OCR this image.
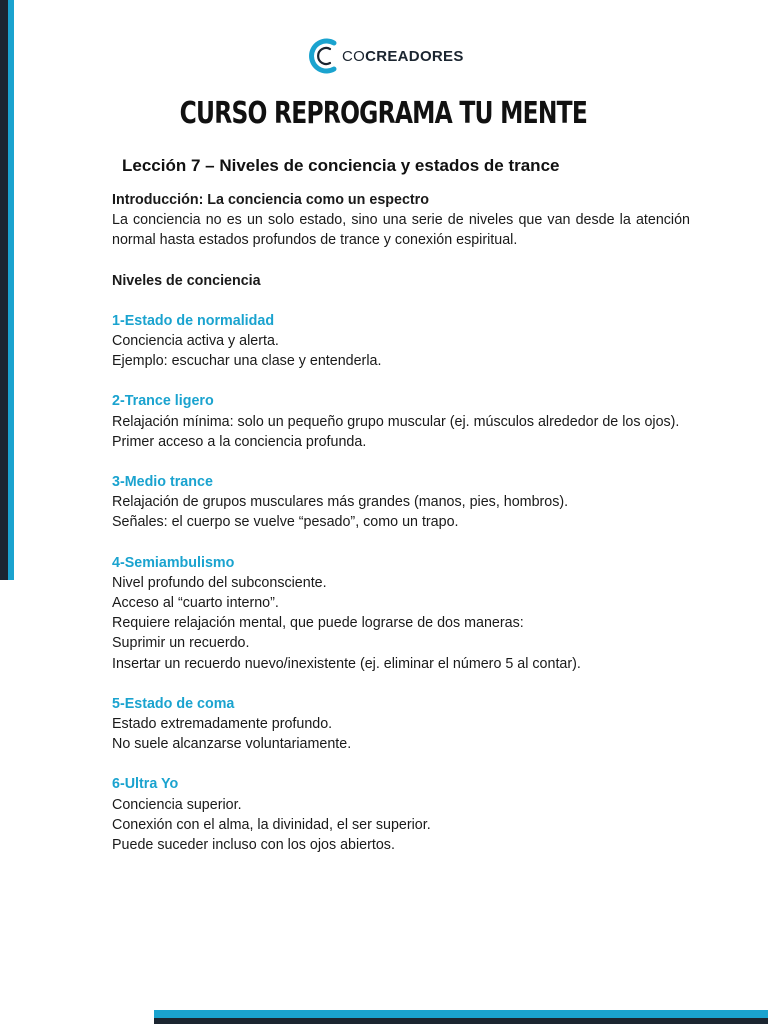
COCREADORES
CURSO REPROGRAMA TU MENTE
Lección 7 – Niveles de conciencia y estados de trance

Introducción: La conciencia como un espectro

La conciencia no es un solo estado, sino una serie de niveles que van desde la atención normal hasta estados profundos de trance y conexión espiritual.

Niveles de conciencia

1-Estado de normalidad

Conciencia activa y alerta.

Ejemplo: escuchar una clase y entenderla.

2-Trance ligero

Relajación mínima: solo un pequeño grupo muscular (ej. músculos alrededor de los ojos).

Primer acceso a la conciencia profunda.

3-Medio trance

Relajación de grupos musculares más grandes (manos, pies, hombros).

Señales: el cuerpo se vuelve “pesado”, como un trapo.

4-Semiambulismo

Nivel profundo del subconsciente.

Acceso al “cuarto interno”.

Requiere relajación mental, que puede lograrse de dos maneras:

Suprimir un recuerdo.

Insertar un recuerdo nuevo/inexistente (ej. eliminar el número 5 al contar).

5-Estado de coma

Estado extremadamente profundo.

No suele alcanzarse voluntariamente.

6-Ultra Yo

Conciencia superior.

Conexión con el alma, la divinidad, el ser superior.

Puede suceder incluso con los ojos abiertos.
